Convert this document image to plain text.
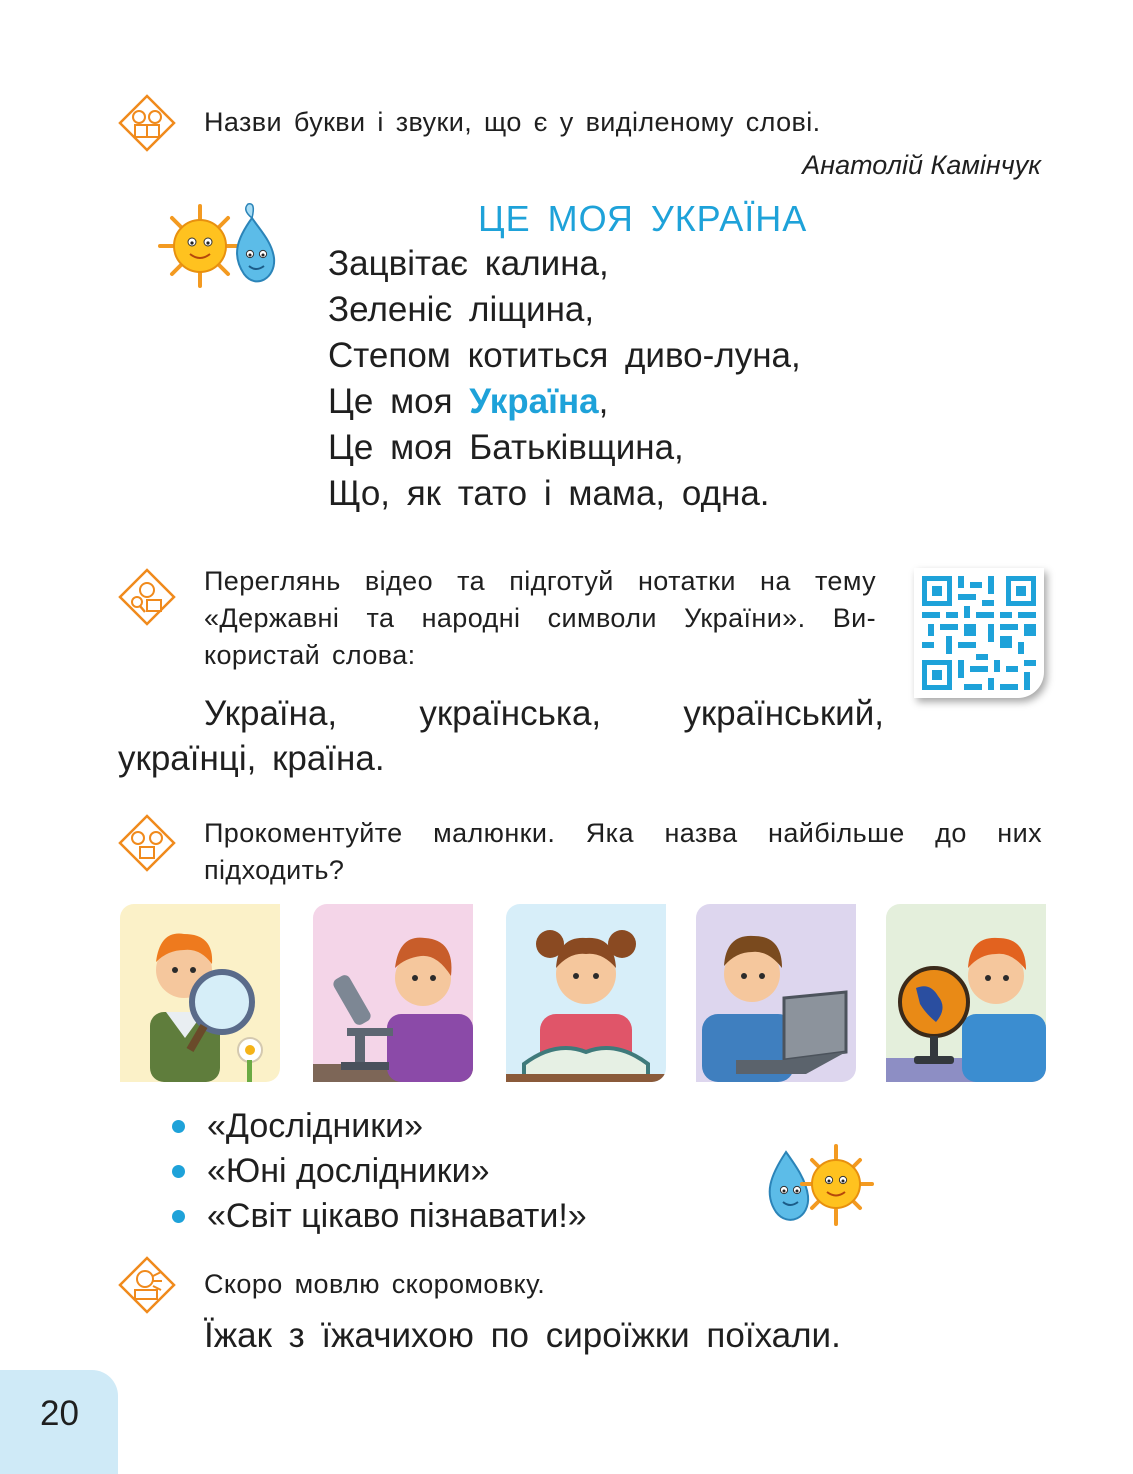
Назви букви і звуки, що є у виділеному слові.
Анатолій Камінчук
ЦЕ МОЯ УКРАЇНА
Зацвітає калина,
Зеленіє ліщина,
Степом котиться диво-луна,
Це моя Україна,
Це моя Батьківщина,
Що, як тато і мама, одна.
Переглянь відео та підготуй нотатки на тему
«Державні та народні символи України». Ви-
користай слова:
Україна, українська, український,
українці, країна.
Прокоментуйте малюнки. Яка назва найбільше до них
підходить?
«Дослідники»
«Юні дослідники»
«Світ цікаво пізнавати!»
Скоро мовлю скоромовку.
Їжак з їжачихою по сироїжки поїхали.
20
